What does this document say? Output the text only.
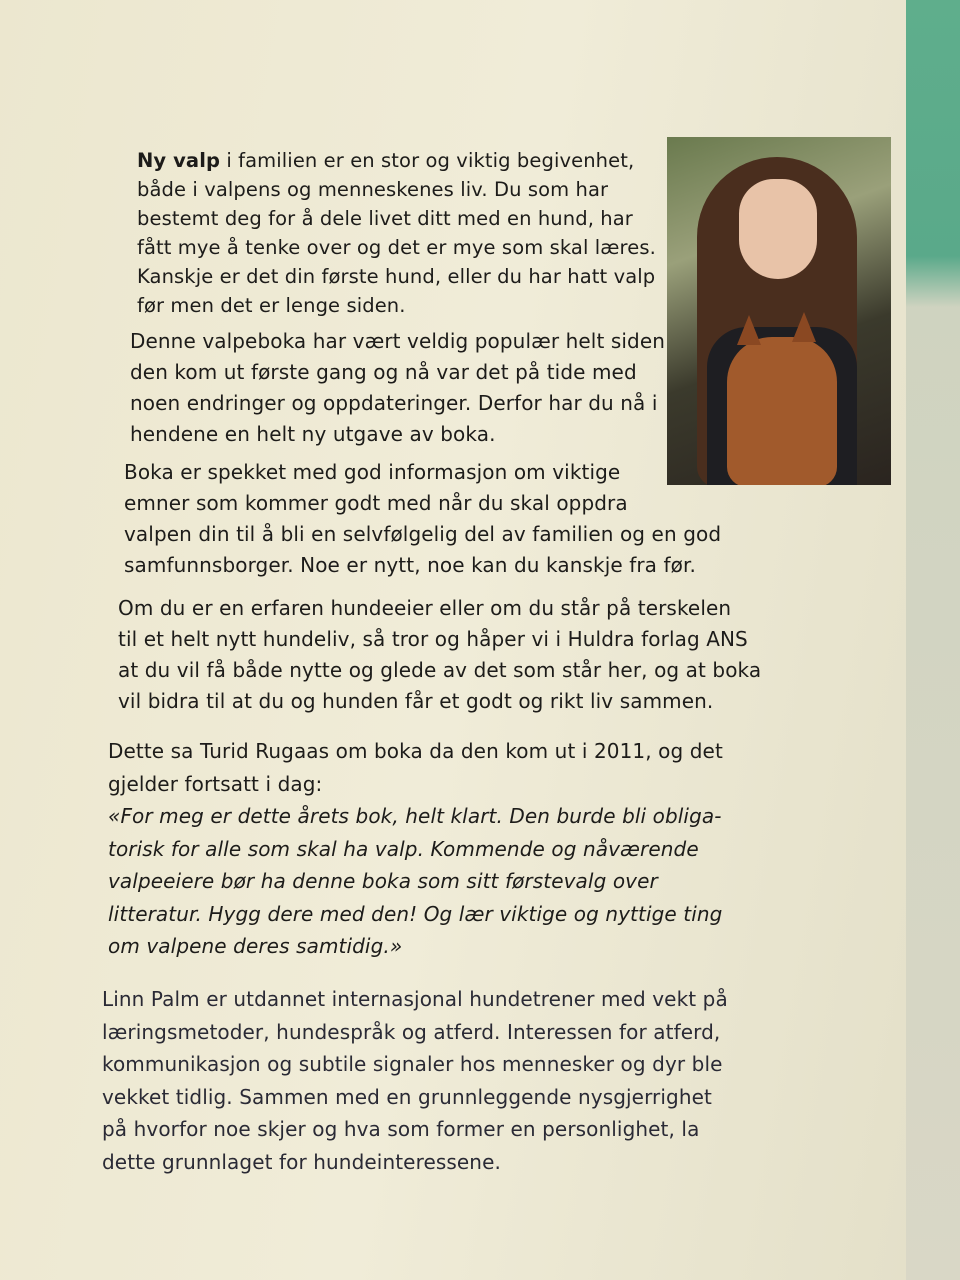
Ny valp i familien er en stor og viktig begivenhet,
både i valpens og menneskenes liv. Du som har
bestemt deg for å dele livet ditt med en hund, har
fått mye å tenke over og det er mye som skal læres.
Kanskje er det din første hund, eller du har hatt valp
før men det er lenge siden.
Denne valpeboka har vært veldig populær helt siden
den kom ut første gang og nå var det på tide med
noen endringer og oppdateringer. Derfor har du nå i
hendene en helt ny utgave av boka.
Boka er spekket med god informasjon om viktige
emner som kommer godt med når du skal oppdra
valpen din til å bli en selvfølgelig del av familien og en god
samfunnsborger. Noe er nytt, noe kan du kanskje fra før.
Om du er en erfaren hundeeier eller om du står på terskelen
til et helt nytt hundeliv, så tror og håper vi i Huldra forlag ANS
at du vil få både nytte og glede av det som står her, og at boka
vil bidra til at du og hunden får et godt og rikt liv sammen.
Dette sa Turid Rugaas om boka da den kom ut i 2011, og det
gjelder fortsatt i dag:
«For meg er dette årets bok, helt klart. Den burde bli obliga-
torisk for alle som skal ha valp. Kommende og nåværende
valpeeiere bør ha denne boka som sitt førstevalg over
litteratur. Hygg dere med den! Og lær viktige og nyttige ting
om valpene deres samtidig.»
Linn Palm er utdannet internasjonal hundetrener med vekt på
læringsmetoder, hundespråk og atferd. Interessen for atferd,
kommunikasjon og subtile signaler hos mennesker og dyr ble
vekket tidlig. Sammen med en grunnleggende nysgjerrighet
på hvorfor noe skjer og hva som former en personlighet, la
dette grunnlaget for hundeinteressene.
